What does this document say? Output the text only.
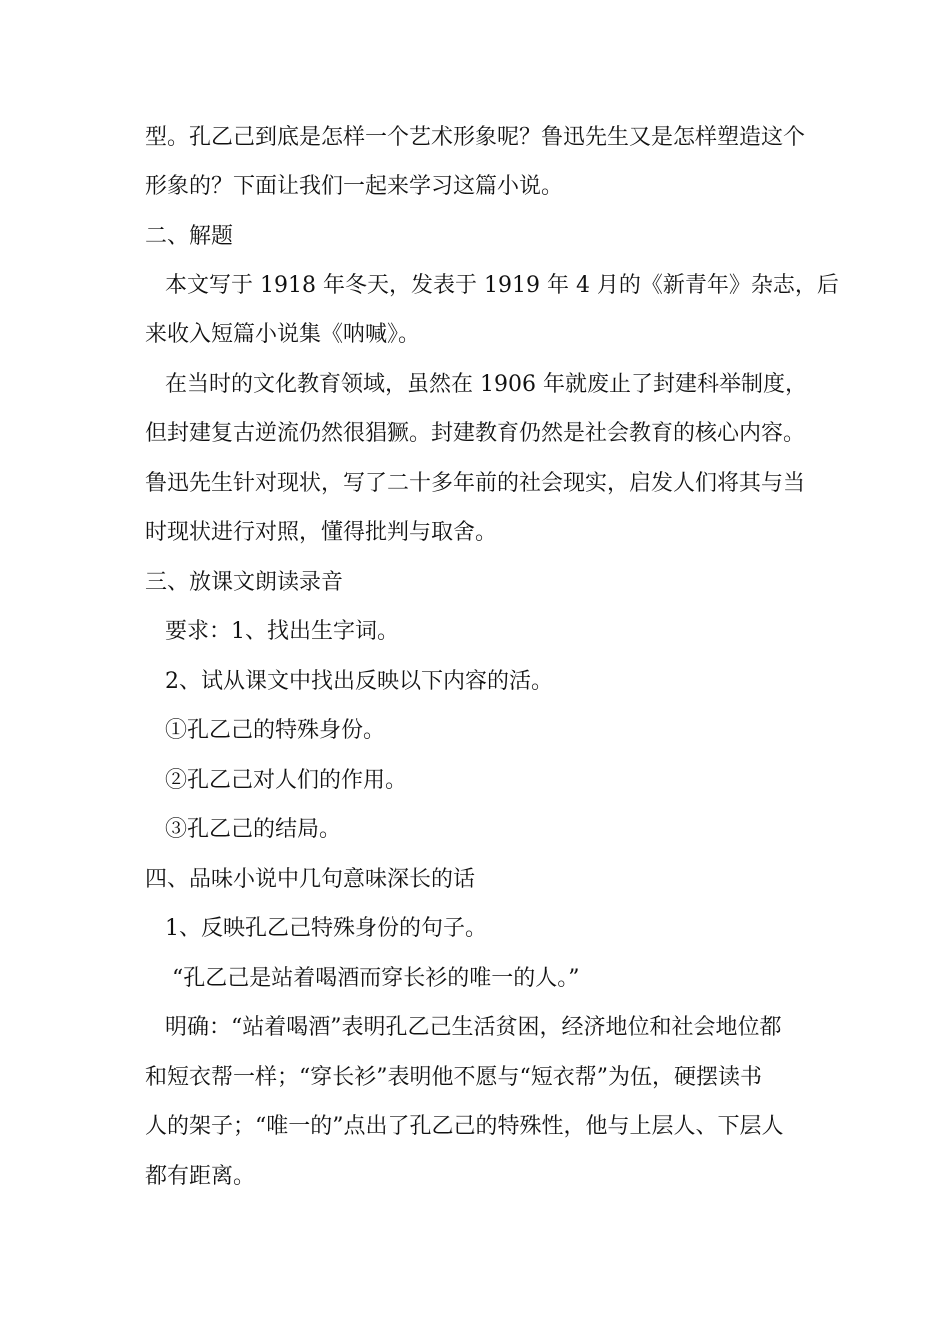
型。孔乙己到底是怎样一个艺术形象呢？鲁迅先生又是怎样塑造这个
形象的？下面让我们一起来学习这篇小说。
二、解题
本文写于 1918 年冬天，发表于 1919 年 4 月的《新青年》杂志，后
来收入短篇小说集《呐喊》。
在当时的文化教育领域，虽然在 1906 年就废止了封建科举制度，
但封建复古逆流仍然很猖獗。封建教育仍然是社会教育的核心内容。
鲁迅先生针对现状，写了二十多年前的社会现实，启发人们将其与当
时现状进行对照，懂得批判与取舍。
三、放课文朗读录音
要求：1、找出生字词。
2、试从课文中找出反映以下内容的活。
①孔乙己的特殊身份。
②孔乙己对人们的作用。
③孔乙己的结局。
四、品味小说中几句意味深长的话
1、反映孔乙己特殊身份的句子。
“孔乙己是站着喝酒而穿长衫的唯一的人。”
明确：“站着喝酒”表明孔乙己生活贫困，经济地位和社会地位都
和短衣帮一样；“穿长衫”表明他不愿与“短衣帮”为伍，硬摆读书
人的架子；“唯一的”点出了孔乙己的特殊性，他与上层人、下层人
都有距离。
